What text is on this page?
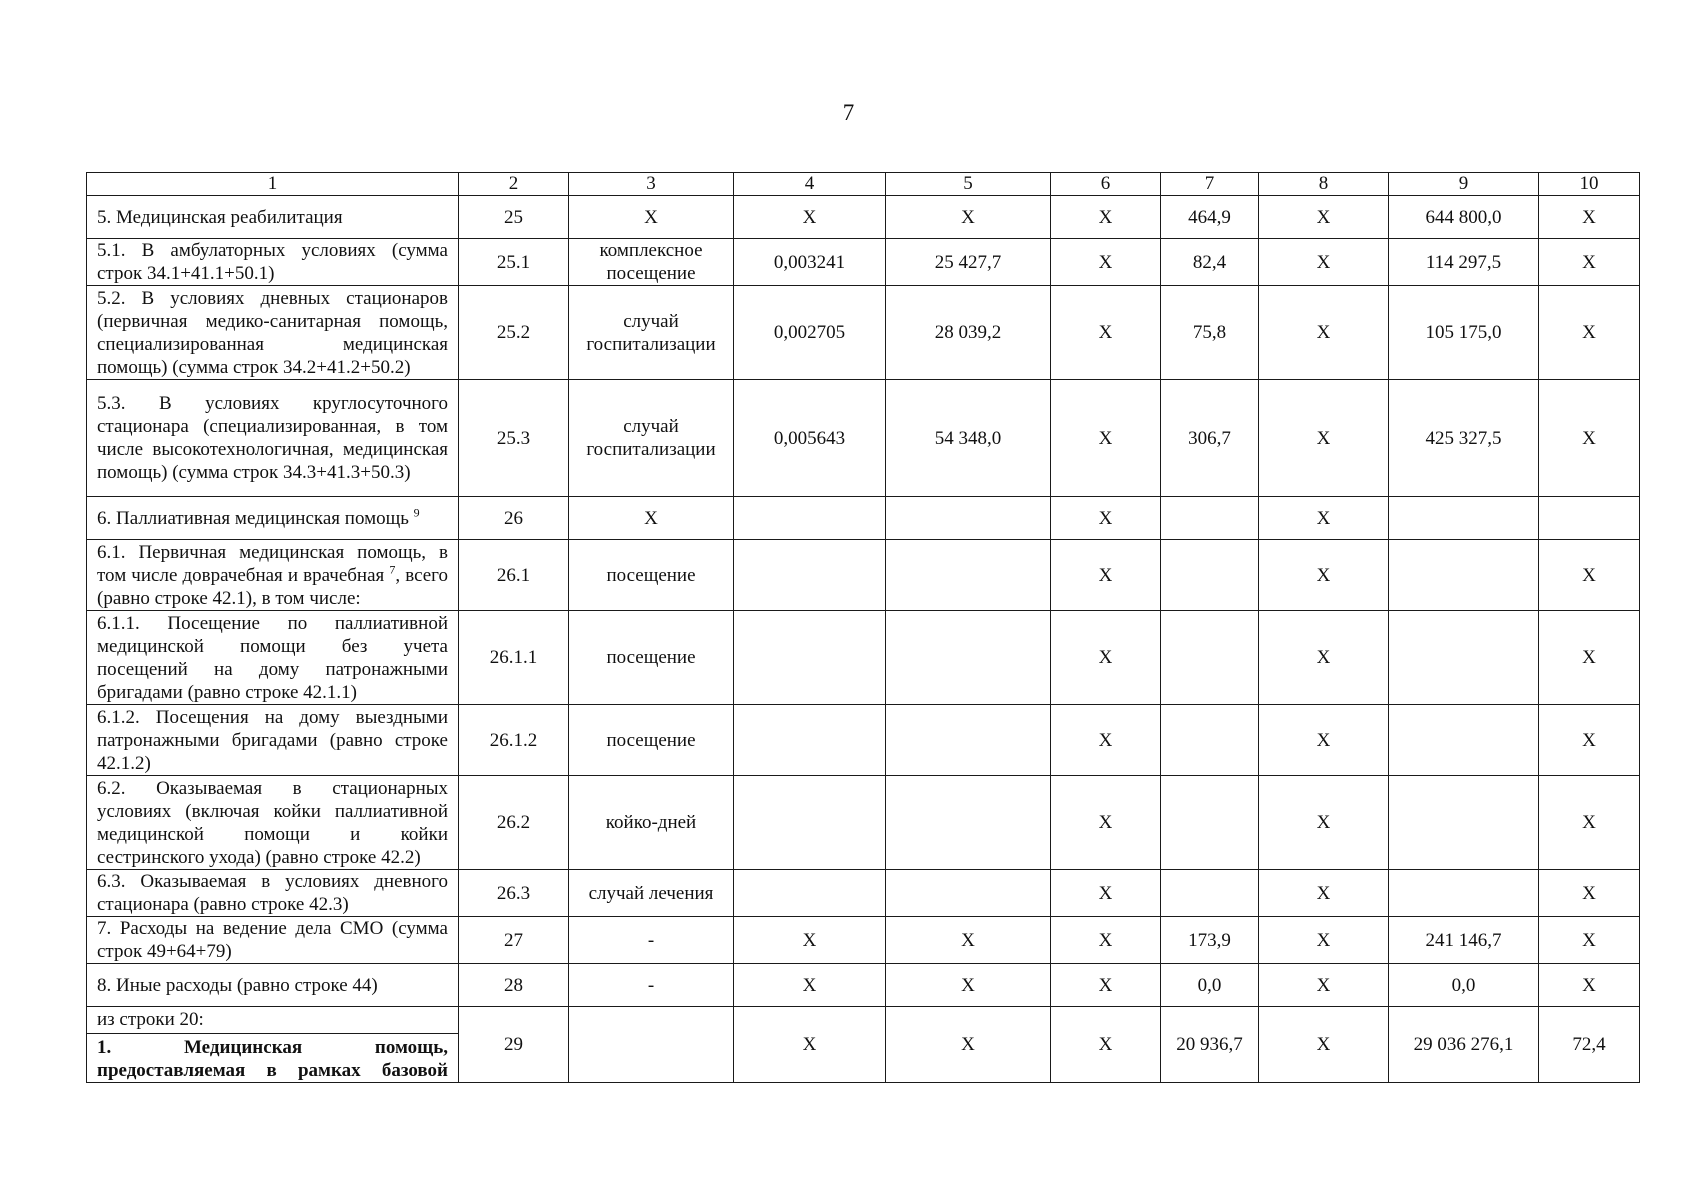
7
1	2	3	4	5	6	7	8	9	10
5. Медицинская реабилитация	25	Х	Х	Х	Х	464,9	Х	644 800,0	Х
5.1. В амбулаторных условиях (сумма строк 34.1+41.1+50.1)	25.1	комплексное посещение	0,003241	25 427,7	Х	82,4	Х	114 297,5	Х
5.2. В условиях дневных стационаров (первичная медико-санитарная помощь, специализированная медицинская помощь) (сумма строк 34.2+41.2+50.2)	25.2	случай госпитализации	0,002705	28 039,2	Х	75,8	Х	105 175,0	Х
5.3. В условиях круглосуточного стационара (специализированная, в том числе высокотехнологичная, медицинская помощь) (сумма строк 34.3+41.3+50.3)	25.3	случай госпитализации	0,005643	54 348,0	Х	306,7	Х	425 327,5	Х
6. Паллиативная медицинская помощь $^9$	26	Х			Х		Х		
6.1. Первичная медицинская помощь, в том числе доврачебная и врачебная $^7$, всего (равно строке 42.1), в том числе:	26.1	посещение			Х		Х		Х
6.1.1. Посещение по паллиативной медицинской помощи без учета посещений на дому патронажными бригадами (равно строке 42.1.1)	26.1.1	посещение			Х		Х		Х
6.1.2. Посещения на дому выездными патронажными бригадами (равно строке 42.1.2)	26.1.2	посещение			Х		Х		Х
6.2. Оказываемая в стационарных условиях (включая койки паллиативной медицинской помощи и койки сестринского ухода) (равно строке 42.2)	26.2	койко-дней			Х		Х		Х
6.3. Оказываемая в условиях дневного стационара (равно строке 42.3)	26.3	случай лечения			Х		Х		Х
7. Расходы на ведение дела СМО (сумма строк 49+64+79)	27	-	Х	Х	Х	173,9	Х	241 146,7	Х
8. Иные расходы (равно строке 44)	28	-	Х	Х	Х	0,0	Х	0,0	Х

из строки 20:
1. Медицинская помощь,
предоставляемая в рамках базовой	29		Х	Х	Х	20 936,7	Х	29 036 276,1	72,4
